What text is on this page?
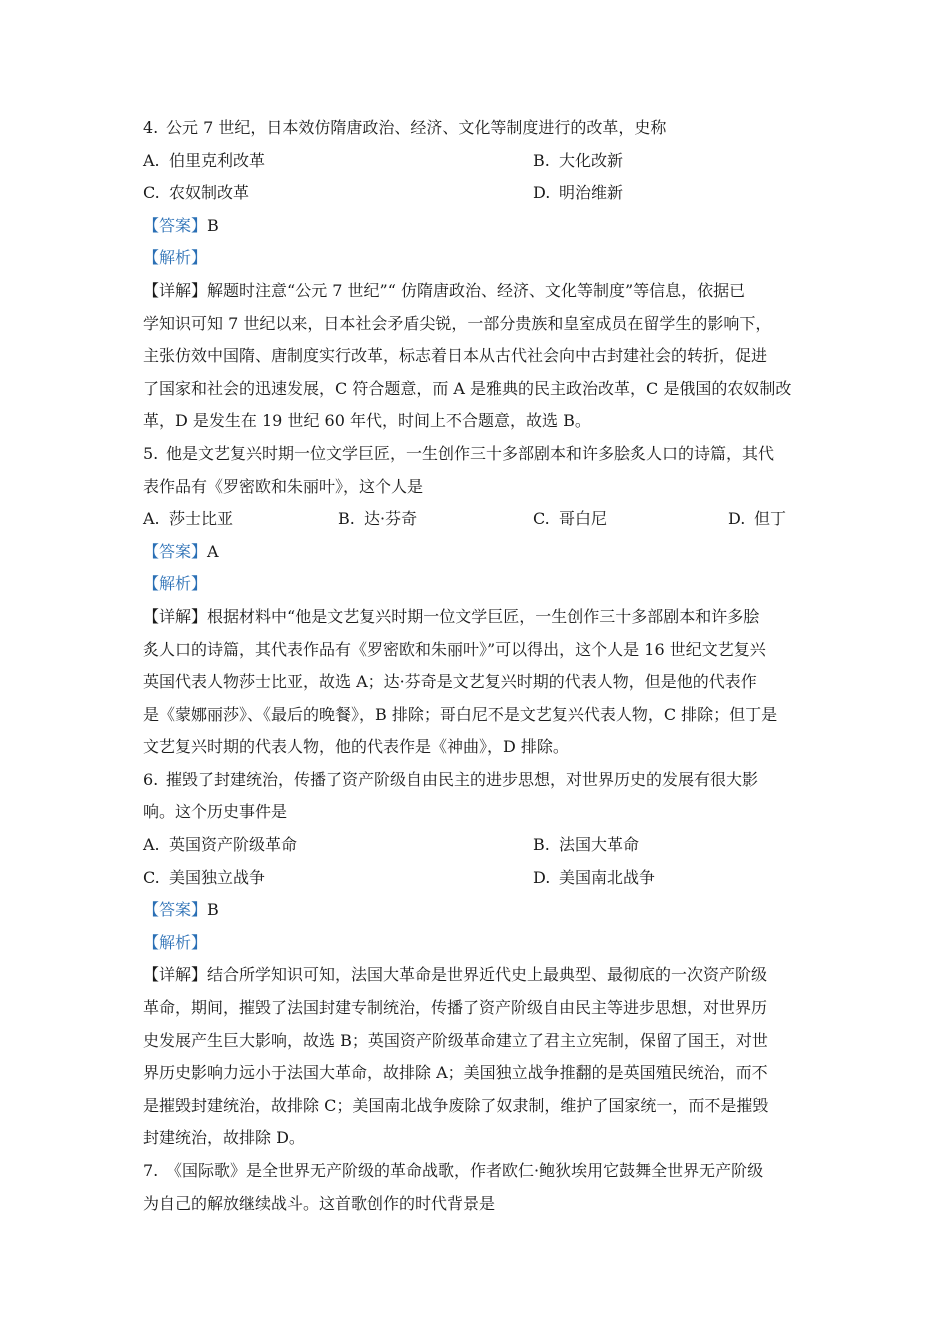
4. 公元 7 世纪，日本效仿隋唐政治、经济、文化等制度进行的改革，史称
A. 伯里克利改革	B. 大化改新
C. 农奴制改革	D. 明治维新
【答案】B
【解析】
【详解】解题时注意“公元 7 世纪”“ 仿隋唐政治、经济、文化等制度”等信息，依据已
学知识可知 7 世纪以来，日本社会矛盾尖锐，一部分贵族和皇室成员在留学生的影响下，
主张仿效中国隋、唐制度实行改革，标志着日本从古代社会向中古封建社会的转折，促进
了国家和社会的迅速发展，C 符合题意，而 A 是雅典的民主政治改革，C 是俄国的农奴制改
革，D 是发生在 19 世纪 60 年代，时间上不合题意，故选 B。
5. 他是文艺复兴时期一位文学巨匠，一生创作三十多部剧本和许多脍炙人口的诗篇，其代
表作品有《罗密欧和朱丽叶》，这个人是
A. 莎士比亚	B. 达·芬奇	C. 哥白尼	D. 但丁
【答案】A
【解析】
【详解】根据材料中“他是文艺复兴时期一位文学巨匠，一生创作三十多部剧本和许多脍
炙人口的诗篇，其代表作品有《罗密欧和朱丽叶》”可以得出，这个人是 16 世纪文艺复兴
英国代表人物莎士比亚，故选 A；达·芬奇是文艺复兴时期的代表人物，但是他的代表作
是《蒙娜丽莎》、《最后的晚餐》，B 排除；哥白尼不是文艺复兴代表人物，C 排除；但丁是
文艺复兴时期的代表人物，他的代表作是《神曲》，D 排除。
6. 摧毁了封建统治，传播了资产阶级自由民主的进步思想，对世界历史的发展有很大影
响。这个历史事件是
A. 英国资产阶级革命	B. 法国大革命
C. 美国独立战争	D. 美国南北战争
【答案】B
【解析】
【详解】结合所学知识可知，法国大革命是世界近代史上最典型、最彻底的一次资产阶级
革命，期间，摧毁了法国封建专制统治，传播了资产阶级自由民主等进步思想，对世界历
史发展产生巨大影响，故选 B；英国资产阶级革命建立了君主立宪制，保留了国王，对世
界历史影响力远小于法国大革命，故排除 A；美国独立战争推翻的是英国殖民统治，而不
是摧毁封建统治，故排除 C；美国南北战争废除了奴隶制，维护了国家统一，而不是摧毁
封建统治，故排除 D。
7. 《国际歌》是全世界无产阶级的革命战歌，作者欧仁·鲍狄埃用它鼓舞全世界无产阶级
为自己的解放继续战斗。这首歌创作的时代背景是
